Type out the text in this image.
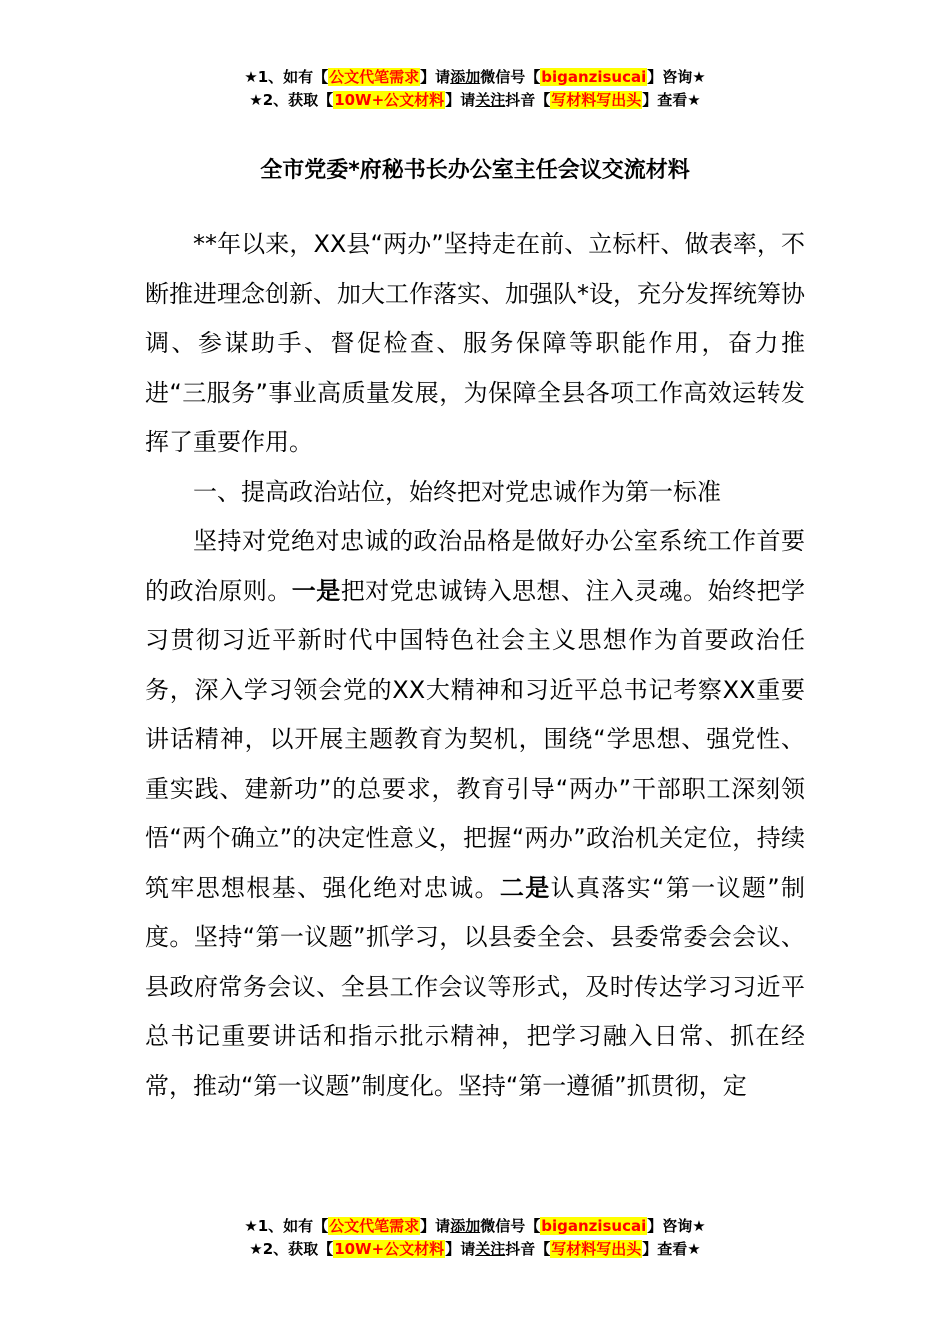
★1、如有【公文代笔需求】请添加微信号【biganzisucai】咨询★
★2、获取【10W+公文材料】请关注抖音【写材料写出头】查看★
全市党委*府秘书长办公室主任会议交流材料

**年以来，XX县“两办”坚持走在前、立标杆、做表率，不断推进理念创新、加大工作落实、加强队*设，充分发挥统筹协调、参谋助手、督促检查、服务保障等职能作用，奋力推进“三服务”事业高质量发展，为保障全县各项工作高效运转发挥了重要作用。

一、提高政治站位，始终把对党忠诚作为第一标准

坚持对党绝对忠诚的政治品格是做好办公室系统工作首要的政治原则。一是把对党忠诚铸入思想、注入灵魂。始终把学习贯彻习近平新时代中国特色社会主义思想作为首要政治任务，深入学习领会党的XX大精神和习近平总书记考察XX重要讲话精神，以开展主题教育为契机，围绕“学思想、强党性、重实践、建新功”的总要求，教育引导“两办”干部职工深刻领悟“两个确立”的决定性意义，把握“两办”政治机关定位，持续筑牢思想根基、强化绝对忠诚。二是认真落实“第一议题”制度。坚持“第一议题”抓学习，以县委全会、县委常委会会议、县政府常务会议、全县工作会议等形式，及时传达学习习近平总书记重要讲话和指示批示精神，把学习融入日常、抓在经常，推动“第一议题”制度化。坚持“第一遵循”抓贯彻，定

★1、如有【公文代笔需求】请添加微信号【biganzisucai】咨询★
★2、获取【10W+公文材料】请关注抖音【写材料写出头】查看★
